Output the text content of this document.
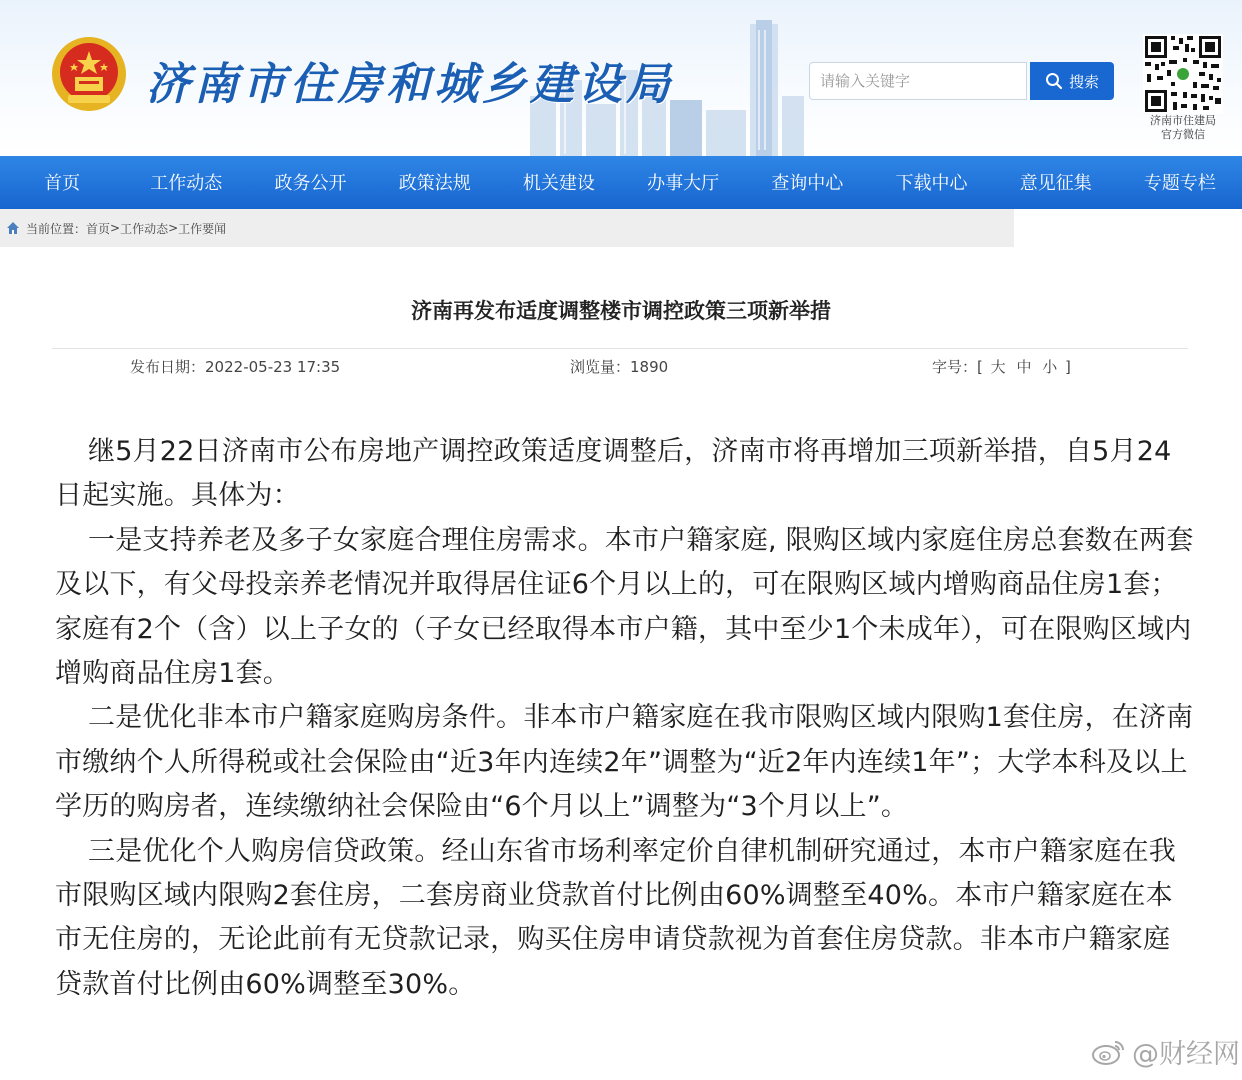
济南市住房和城乡建设局
请输入关键字	搜索
济南市住建局
官方微信
首页	工作动态	政务公开	政策法规	机关建设	办事大厅	查询中心	下载中心	意见征集	专题专栏
当前位置： 首页 > 工作动态 > 工作要闻
济南再发布适度调整楼市调控政策三项新举措
发布日期：2022-05-23 17:35	浏览量：1890	字号：[ 大 中 小 ]

继5月22日济南市公布房地产调控政策适度调整后，济南市将再增加三项新举措，自5月24日起实施。具体为：

一是支持养老及多子女家庭合理住房需求。本市户籍家庭, 限购区域内家庭住房总套数在两套及以下，有父母投亲养老情况并取得居住证6个月以上的，可在限购区域内增购商品住房1套；家庭有2个（含）以上子女的（子女已经取得本市户籍，其中至少1个未成年），可在限购区域内增购商品住房1套。

二是优化非本市户籍家庭购房条件。非本市户籍家庭在我市限购区域内限购1套住房，在济南市缴纳个人所得税或社会保险由“近3年内连续2年”调整为“近2年内连续1年”；大学本科及以上学历的购房者，连续缴纳社会保险由“6个月以上”调整为“3个月以上”。

三是优化个人购房信贷政策。经山东省市场利率定价自律机制研究通过，本市户籍家庭在我市限购区域内限购2套住房，二套房商业贷款首付比例由60%调整至40%。本市户籍家庭在本市无住房的，无论此前有无贷款记录，购买住房申请贷款视为首套住房贷款。非本市户籍家庭贷款首付比例由60%调整至30%。

@财经网
